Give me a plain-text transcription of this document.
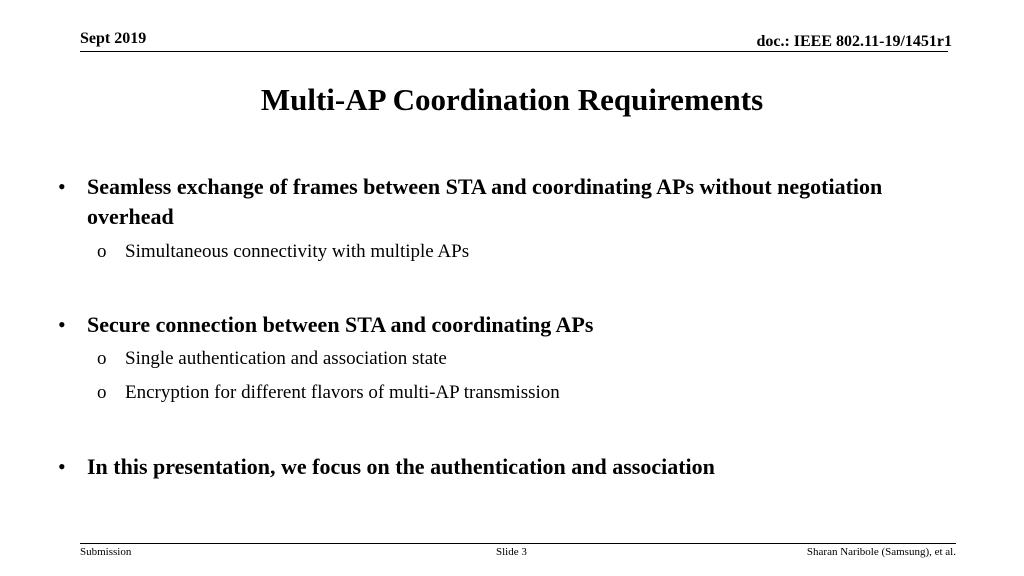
Sept 2019	doc.: IEEE 802.11-19/1451r1
Multi-AP Coordination Requirements
• Seamless exchange of frames between STA and coordinating APs without negotiation overhead
o Simultaneous connectivity with multiple APs
• Secure connection between STA and coordinating APs
o Single authentication and association state
o Encryption for different flavors of multi-AP transmission
• In this presentation, we focus on the authentication and association
Submission	Slide 3	Sharan Naribole (Samsung), et al.
